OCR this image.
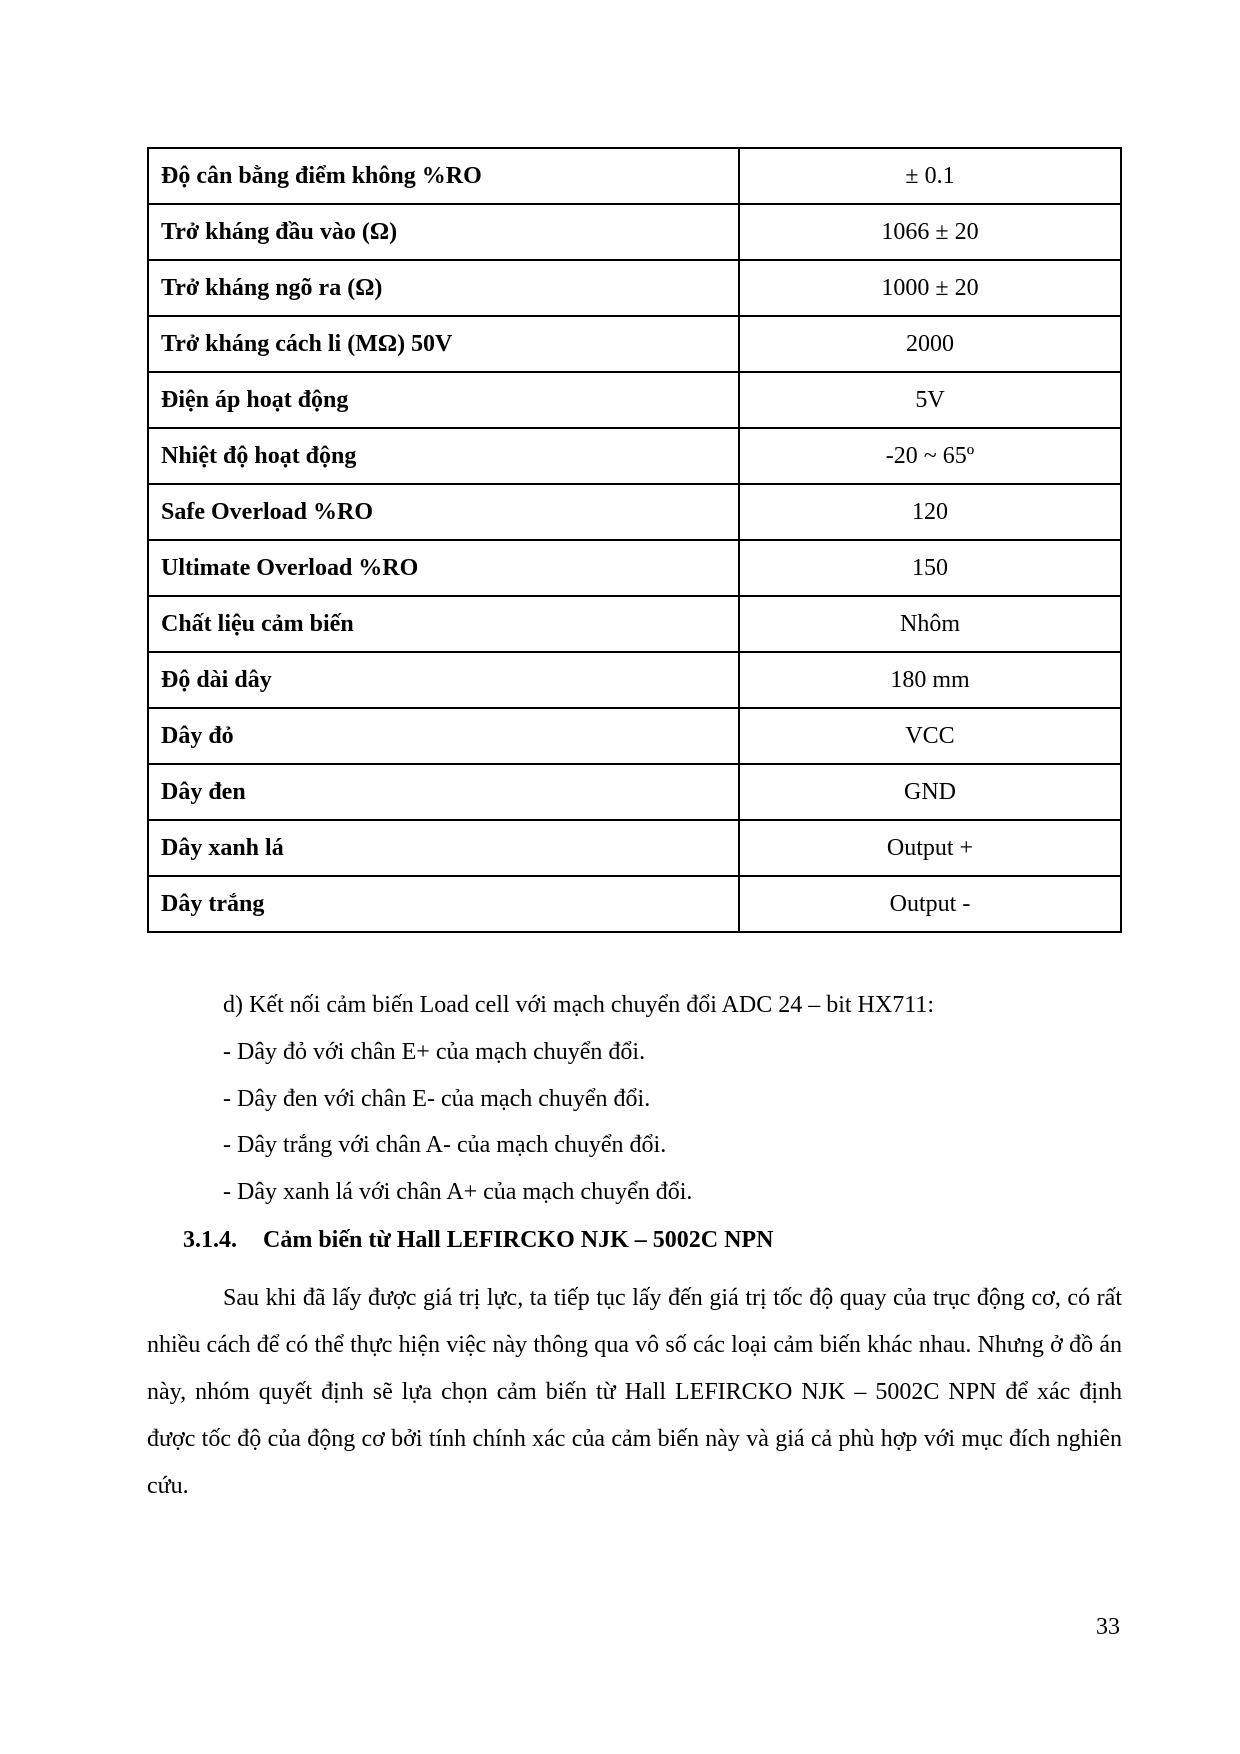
Độ cân bằng điểm không %RO	± 0.1
Trở kháng đầu vào (Ω)	1066 ± 20
Trở kháng ngõ ra (Ω)	1000 ± 20
Trở kháng cách li (MΩ) 50V	2000
Điện áp hoạt động	5V
Nhiệt độ hoạt động	-20 ~ 65º
Safe Overload %RO	120
Ultimate Overload %RO	150
Chất liệu cảm biến	Nhôm
Độ dài dây	180 mm
Dây đỏ	VCC
Dây đen	GND
Dây xanh lá	Output +
Dây trắng	Output -
d) Kết nối cảm biến Load cell với mạch chuyển đổi ADC 24 – bit HX711:
- Dây đỏ với chân E+ của mạch chuyển đổi.
- Dây đen với chân E- của mạch chuyển đổi.
- Dây trắng với chân A- của mạch chuyển đổi.
- Dây xanh lá với chân A+ của mạch chuyển đổi.
3.1.4. Cảm biến từ Hall LEFIRCKO NJK – 5002C NPN
Sau khi đã lấy được giá trị lực, ta tiếp tục lấy đến giá trị tốc độ quay của trục động cơ, có rất nhiều cách để có thể thực hiện việc này thông qua vô số các loại cảm biến khác nhau. Nhưng ở đồ án này, nhóm quyết định sẽ lựa chọn cảm biến từ Hall LEFIRCKO NJK – 5002C NPN để xác định được tốc độ của động cơ bởi tính chính xác của cảm biến này và giá cả phù hợp với mục đích nghiên cứu.
33
